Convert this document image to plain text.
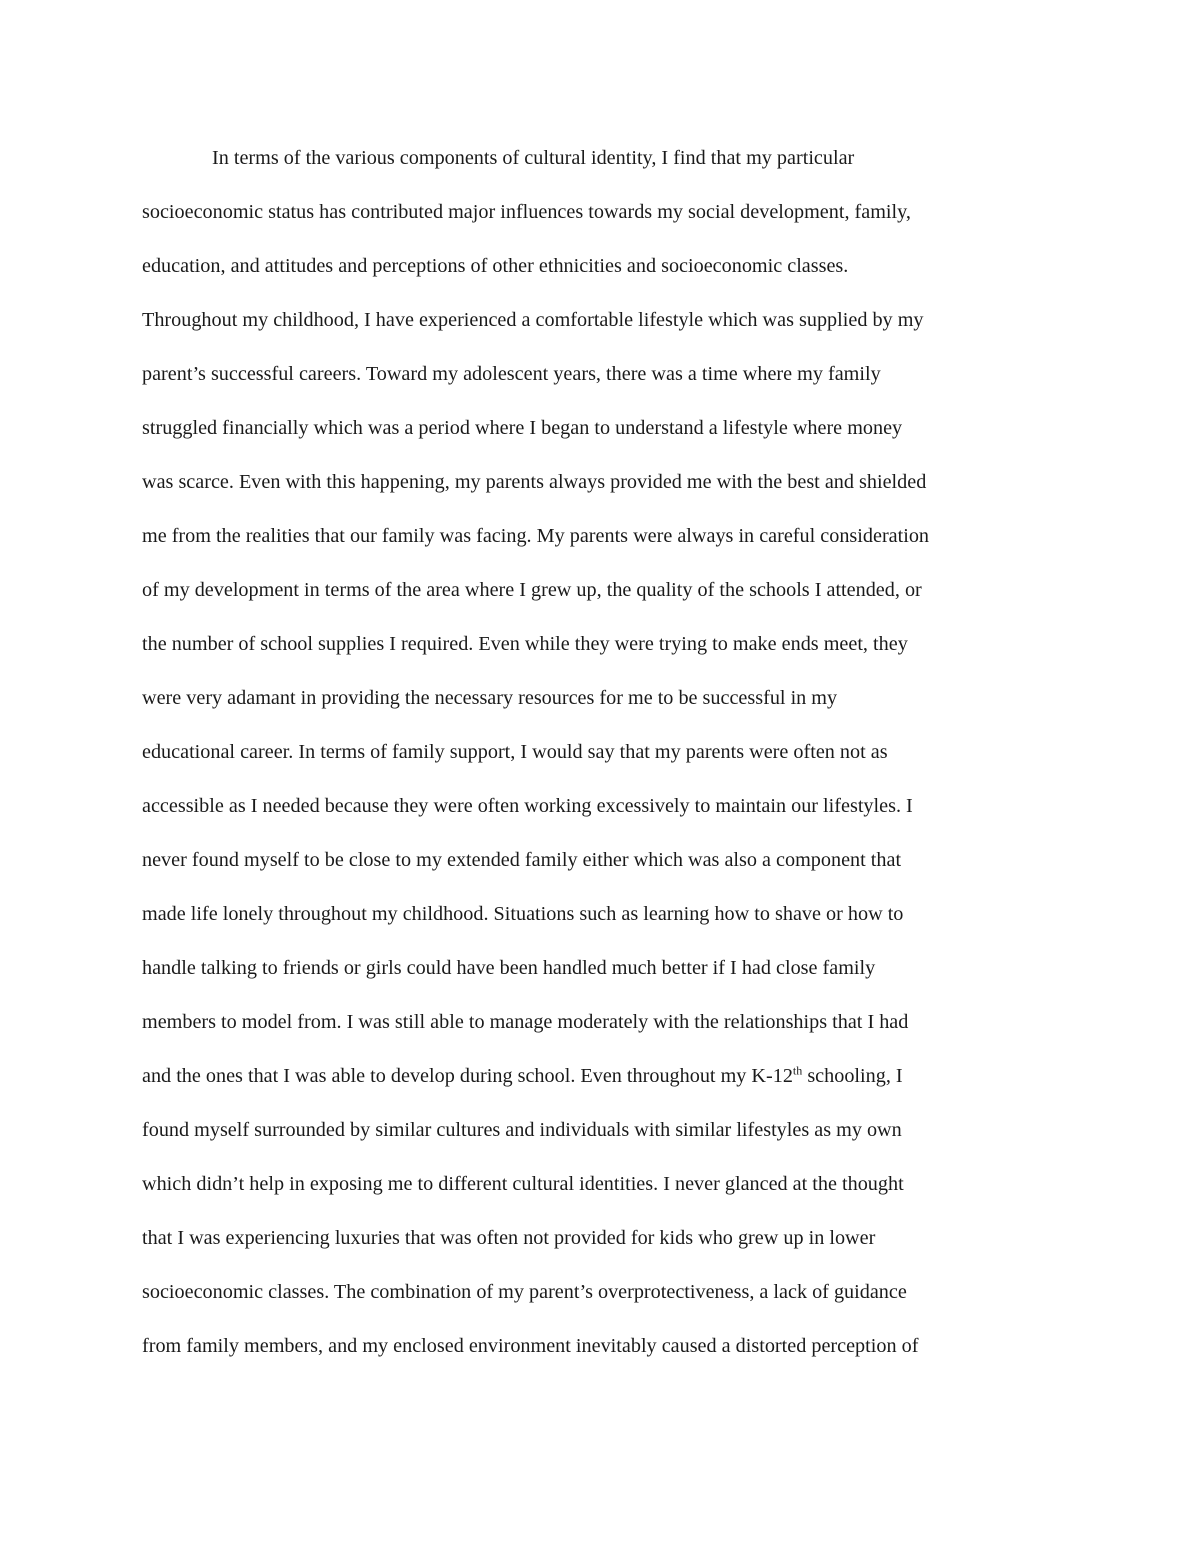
In terms of the various components of cultural identity, I find that my particular
socioeconomic status has contributed major influences towards my social development, family,
education, and attitudes and perceptions of other ethnicities and socioeconomic classes.
Throughout my childhood, I have experienced a comfortable lifestyle which was supplied by my
parent’s successful careers. Toward my adolescent years, there was a time where my family
struggled financially which was a period where I began to understand a lifestyle where money
was scarce. Even with this happening, my parents always provided me with the best and shielded
me from the realities that our family was facing. My parents were always in careful consideration
of my development in terms of the area where I grew up, the quality of the schools I attended, or
the number of school supplies I required. Even while they were trying to make ends meet, they
were very adamant in providing the necessary resources for me to be successful in my
educational career. In terms of family support, I would say that my parents were often not as
accessible as I needed because they were often working excessively to maintain our lifestyles. I
never found myself to be close to my extended family either which was also a component that
made life lonely throughout my childhood. Situations such as learning how to shave or how to
handle talking to friends or girls could have been handled much better if I had close family
members to model from. I was still able to manage moderately with the relationships that I had
and the ones that I was able to develop during school. Even throughout my K-12th schooling, I
found myself surrounded by similar cultures and individuals with similar lifestyles as my own
which didn’t help in exposing me to different cultural identities. I never glanced at the thought
that I was experiencing luxuries that was often not provided for kids who grew up in lower
socioeconomic classes. The combination of my parent’s overprotectiveness, a lack of guidance
from family members, and my enclosed environment inevitably caused a distorted perception of
